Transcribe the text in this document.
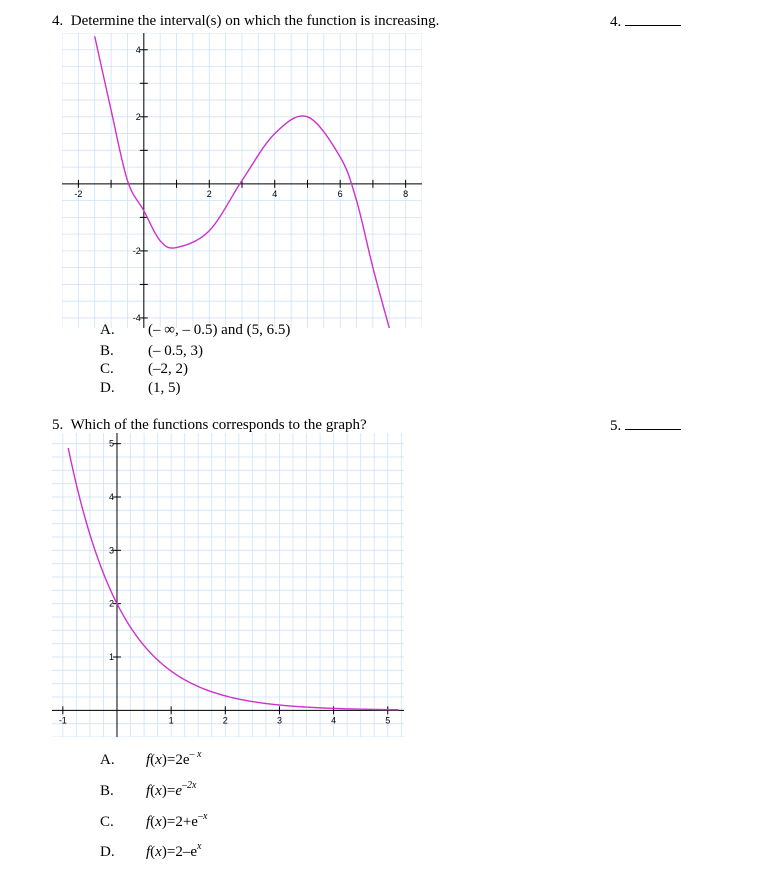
4. Determine the interval(s) on which the function is increasing.	4.
-2	2	4	6	8
4
2
-2
-4
A. (– ∞, – 0.5) and (5, 6.5)
B. (– 0.5, 3)
C. (–2, 2)
D. (1, 5)
5. Which of the functions corresponds to the graph?	5.
-1	1	2	3	4	5
5
4
3
2
1
A. $f(x)=2e^{- x}$
B. $f(x)=e^{-2x}$
C. $f(x)=2+e^{-x}$
D. $f(x)=2-e^x$
